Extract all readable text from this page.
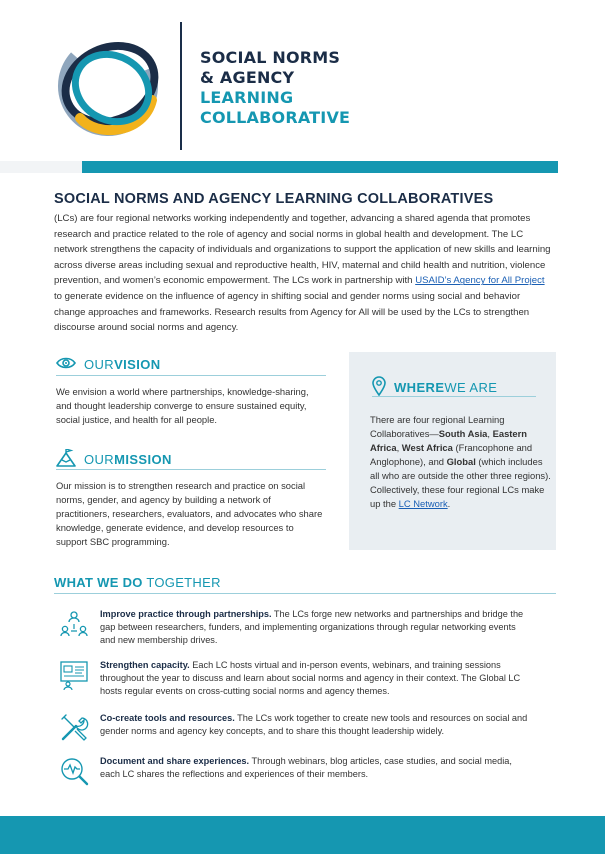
SOCIAL NORMS
& AGENCY
LEARNING
COLLABORATIVE
SOCIAL NORMS AND AGENCY LEARNING COLLABORATIVES
(LCs) are four regional networks working independently and together, advancing a shared agenda that promotes research and practice related to the role of agency and social norms in global health and development. The LC network strengthens the capacity of individuals and organizations to support the application of new skills and learning across diverse areas including sexual and reproductive health, HIV, maternal and child health and nutrition, violence prevention, and women’s economic empowerment. The LCs work in partnership with USAID’s Agency for All Project to generate evidence on the influence of agency in shifting social and gender norms using social and behavior change approaches and frameworks. Research results from Agency for All will be used by the LCs to strengthen discourse around social norms and agency.
OUR VISION
We envision a world where partnerships, knowledge-sharing, and thought leadership converge to ensure sustained equity, social justice, and health for all people.
OUR MISSION
Our mission is to strengthen research and practice on social norms, gender, and agency by building a network of practitioners, researchers, evaluators, and advocates who share knowledge, generate evidence, and develop resources to support SBC programming.
WHERE WE ARE
There are four regional Learning Collaboratives—South Asia, Eastern Africa, West Africa (Francophone and Anglophone), and Global (which includes all who are outside the other three regions). Collectively, these four regional LCs make up the LC Network.
WHAT WE DO TOGETHER
Improve practice through partnerships. The LCs forge new networks and partnerships and bridge the gap between researchers, funders, and implementing organizations through regular networking events and new membership drives.
Strengthen capacity. Each LC hosts virtual and in-person events, webinars, and training sessions throughout the year to discuss and learn about social norms and agency in their context. The Global LC hosts regular events on cross-cutting social norms and agency themes.
Co-create tools and resources. The LCs work together to create new tools and resources on social and gender norms and agency key concepts, and to share this thought leadership widely.
Document and share experiences. Through webinars, blog articles, case studies, and social media, each LC shares the reflections and experiences of their members.
